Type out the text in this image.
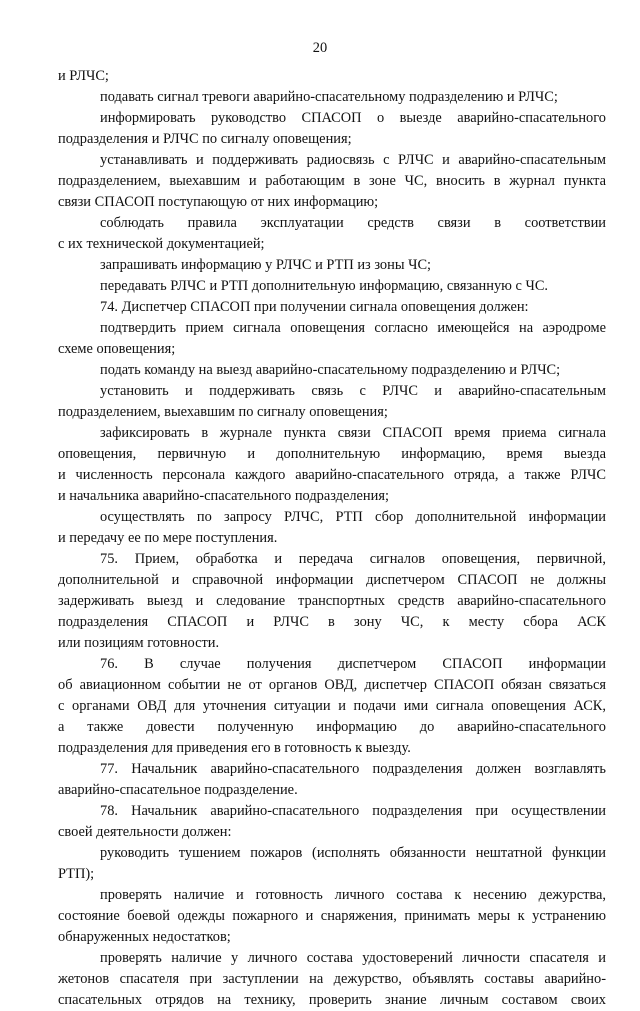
20
и РЛЧС;
подавать сигнал тревоги аварийно-спасательному подразделению и РЛЧС;
информировать руководство СПАСОП о выезде аварийно-спасательного
подразделения и РЛЧС по сигналу оповещения;
устанавливать и поддерживать радиосвязь с РЛЧС и аварийно-спасательным
подразделением, выехавшим и работающим в зоне ЧС, вносить в журнал пункта
связи СПАСОП поступающую от них информацию;
соблюдать правила эксплуатации средств связи в соответствии
с их технической документацией;
запрашивать информацию у РЛЧС и РТП из зоны ЧС;
передавать РЛЧС и РТП дополнительную информацию, связанную с ЧС.
74. Диспетчер СПАСОП при получении сигнала оповещения должен:
подтвердить прием сигнала оповещения согласно имеющейся на аэродроме
схеме оповещения;
подать команду на выезд аварийно-спасательному подразделению и РЛЧС;
установить и поддерживать связь с РЛЧС и аварийно-спасательным
подразделением, выехавшим по сигналу оповещения;
зафиксировать в журнале пункта связи СПАСОП время приема сигнала
оповещения, первичную и дополнительную информацию, время выезда
и численность персонала каждого аварийно-спасательного отряда, а также РЛЧС
и начальника аварийно-спасательного подразделения;
осуществлять по запросу РЛЧС, РТП сбор дополнительной информации
и передачу ее по мере поступления.
75. Прием, обработка и передача сигналов оповещения, первичной,
дополнительной и справочной информации диспетчером СПАСОП не должны
задерживать выезд и следование транспортных средств аварийно-спасательного
подразделения СПАСОП и РЛЧС в зону ЧС, к месту сбора АСК
или позициям готовности.
76. В случае получения диспетчером СПАСОП информации
об авиационном событии не от органов ОВД, диспетчер СПАСОП обязан связаться
с органами ОВД для уточнения ситуации и подачи ими сигнала оповещения АСК,
а также довести полученную информацию до аварийно-спасательного
подразделения для приведения его в готовность к выезду.
77. Начальник аварийно-спасательного подразделения должен возглавлять
аварийно-спасательное подразделение.
78. Начальник аварийно-спасательного подразделения при осуществлении
своей деятельности должен:
руководить тушением пожаров (исполнять обязанности нештатной функции
РТП);
проверять наличие и готовность личного состава к несению дежурства,
состояние боевой одежды пожарного и снаряжения, принимать меры к устранению
обнаруженных недостатков;
проверять наличие у личного состава удостоверений личности спасателя и
жетонов спасателя при заступлении на дежурство, объявлять составы аварийно-
спасательных отрядов на технику, проверить знание личным составом своих
